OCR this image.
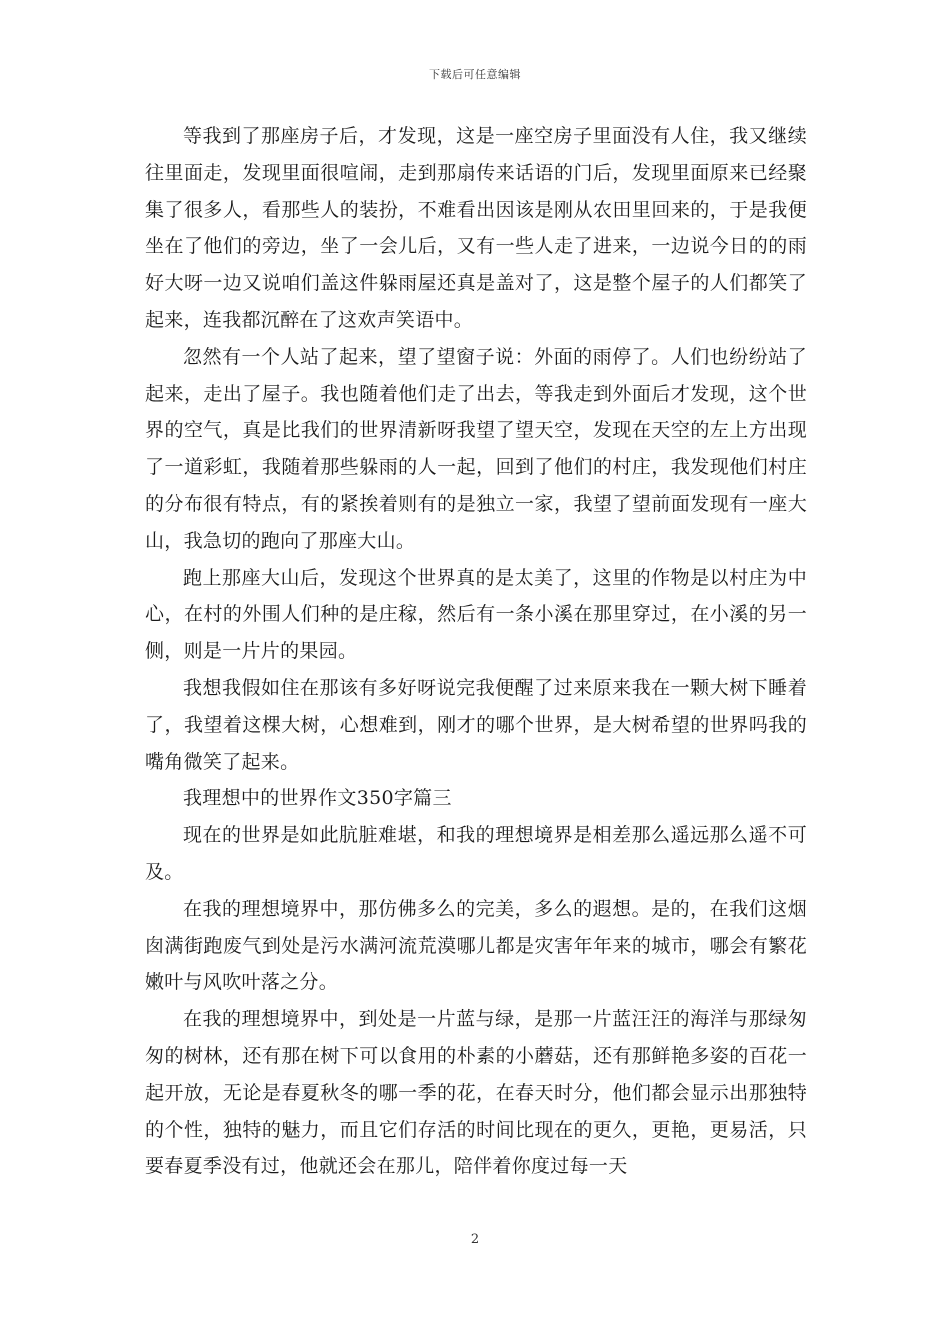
下载后可任意编辑

等我到了那座房子后，才发现，这是一座空房子里面没有人住，我又继续往里面走，发现里面很喧闹，走到那扇传来话语的门后，发现里面原来已经聚集了很多人，看那些人的装扮，不难看出因该是刚从农田里回来的，于是我便坐在了他们的旁边，坐了一会儿后，又有一些人走了进来，一边说今日的的雨好大呀一边又说咱们盖这件躲雨屋还真是盖对了，这是整个屋子的人们都笑了起来，连我都沉醉在了这欢声笑语中。

忽然有一个人站了起来，望了望窗子说：外面的雨停了。人们也纷纷站了起来，走出了屋子。我也随着他们走了出去，等我走到外面后才发现，这个世界的空气，真是比我们的世界清新呀我望了望天空，发现在天空的左上方出现了一道彩虹，我随着那些躲雨的人一起，回到了他们的村庄，我发现他们村庄的分布很有特点，有的紧挨着则有的是独立一家，我望了望前面发现有一座大山，我急切的跑向了那座大山。

跑上那座大山后，发现这个世界真的是太美了，这里的作物是以村庄为中心，在村的外围人们种的是庄稼，然后有一条小溪在那里穿过，在小溪的另一侧，则是一片片的果园。

我想我假如住在那该有多好呀说完我便醒了过来原来我在一颗大树下睡着了，我望着这棵大树，心想难到，刚才的哪个世界，是大树希望的世界吗我的嘴角微笑了起来。

我理想中的世界作文350字篇三

现在的世界是如此肮脏难堪，和我的理想境界是相差那么遥远那么遥不可及。

在我的理想境界中，那仿佛多么的完美，多么的遐想。是的，在我们这烟囱满街跑废气到处是污水满河流荒漠哪儿都是灾害年年来的城市，哪会有繁花嫩叶与风吹叶落之分。

在我的理想境界中，到处是一片蓝与绿，是那一片蓝汪汪的海洋与那绿匆匆的树林，还有那在树下可以食用的朴素的小蘑菇，还有那鲜艳多姿的百花一起开放，无论是春夏秋冬的哪一季的花，在春天时分，他们都会显示出那独特的个性，独特的魅力，而且它们存活的时间比现在的更久，更艳，更易活，只要春夏季没有过，他就还会在那儿，陪伴着你度过每一天

2
